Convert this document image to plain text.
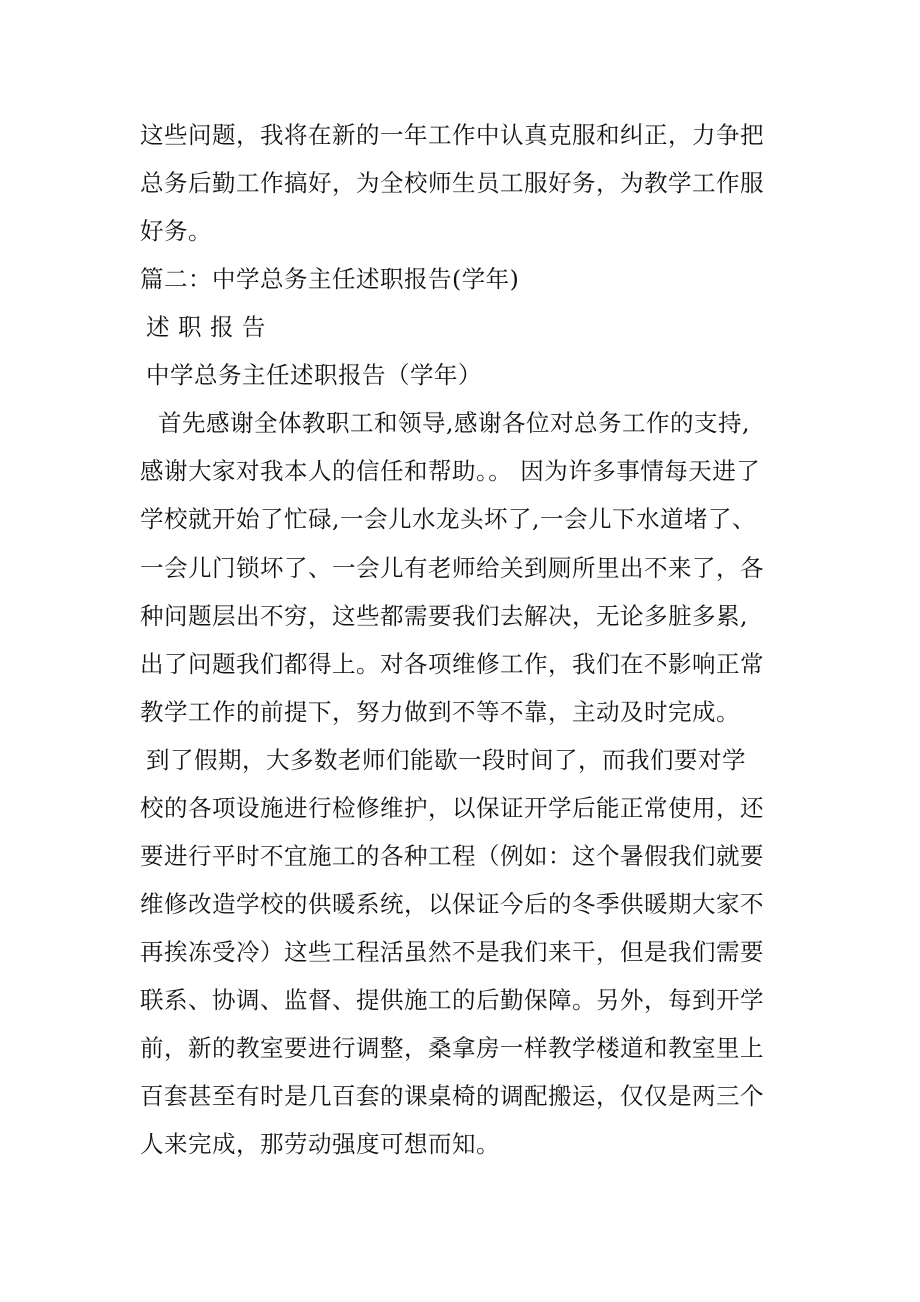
这些问题，我将在新的一年工作中认真克服和纠正，力争把
总务后勤工作搞好，为全校师生员工服好务，为教学工作服
好务。
篇二：中学总务主任述职报告(学年)
述 职 报 告
中学总务主任述职报告（学年）
首先感谢全体教职工和领导,感谢各位对总务工作的支持,
感谢大家对我本人的信任和帮助。。 因为许多事情每天进了
学校就开始了忙碌,一会儿水龙头坏了,一会儿下水道堵了、
一会儿门锁坏了、一会儿有老师给关到厕所里出不来了，各
种问题层出不穷，这些都需要我们去解决，无论多脏多累,
出了问题我们都得上。对各项维修工作，我们在不影响正常
教学工作的前提下，努力做到不等不靠，主动及时完成。
到了假期，大多数老师们能歇一段时间了，而我们要对学
校的各项设施进行检修维护，以保证开学后能正常使用，还
要进行平时不宜施工的各种工程（例如：这个暑假我们就要
维修改造学校的供暖系统，以保证今后的冬季供暖期大家不
再挨冻受冷）这些工程活虽然不是我们来干，但是我们需要
联系、协调、监督、提供施工的后勤保障。另外，每到开学
前，新的教室要进行调整，桑拿房一样教学楼道和教室里上
百套甚至有时是几百套的课桌椅的调配搬运，仅仅是两三个
人来完成，那劳动强度可想而知。
